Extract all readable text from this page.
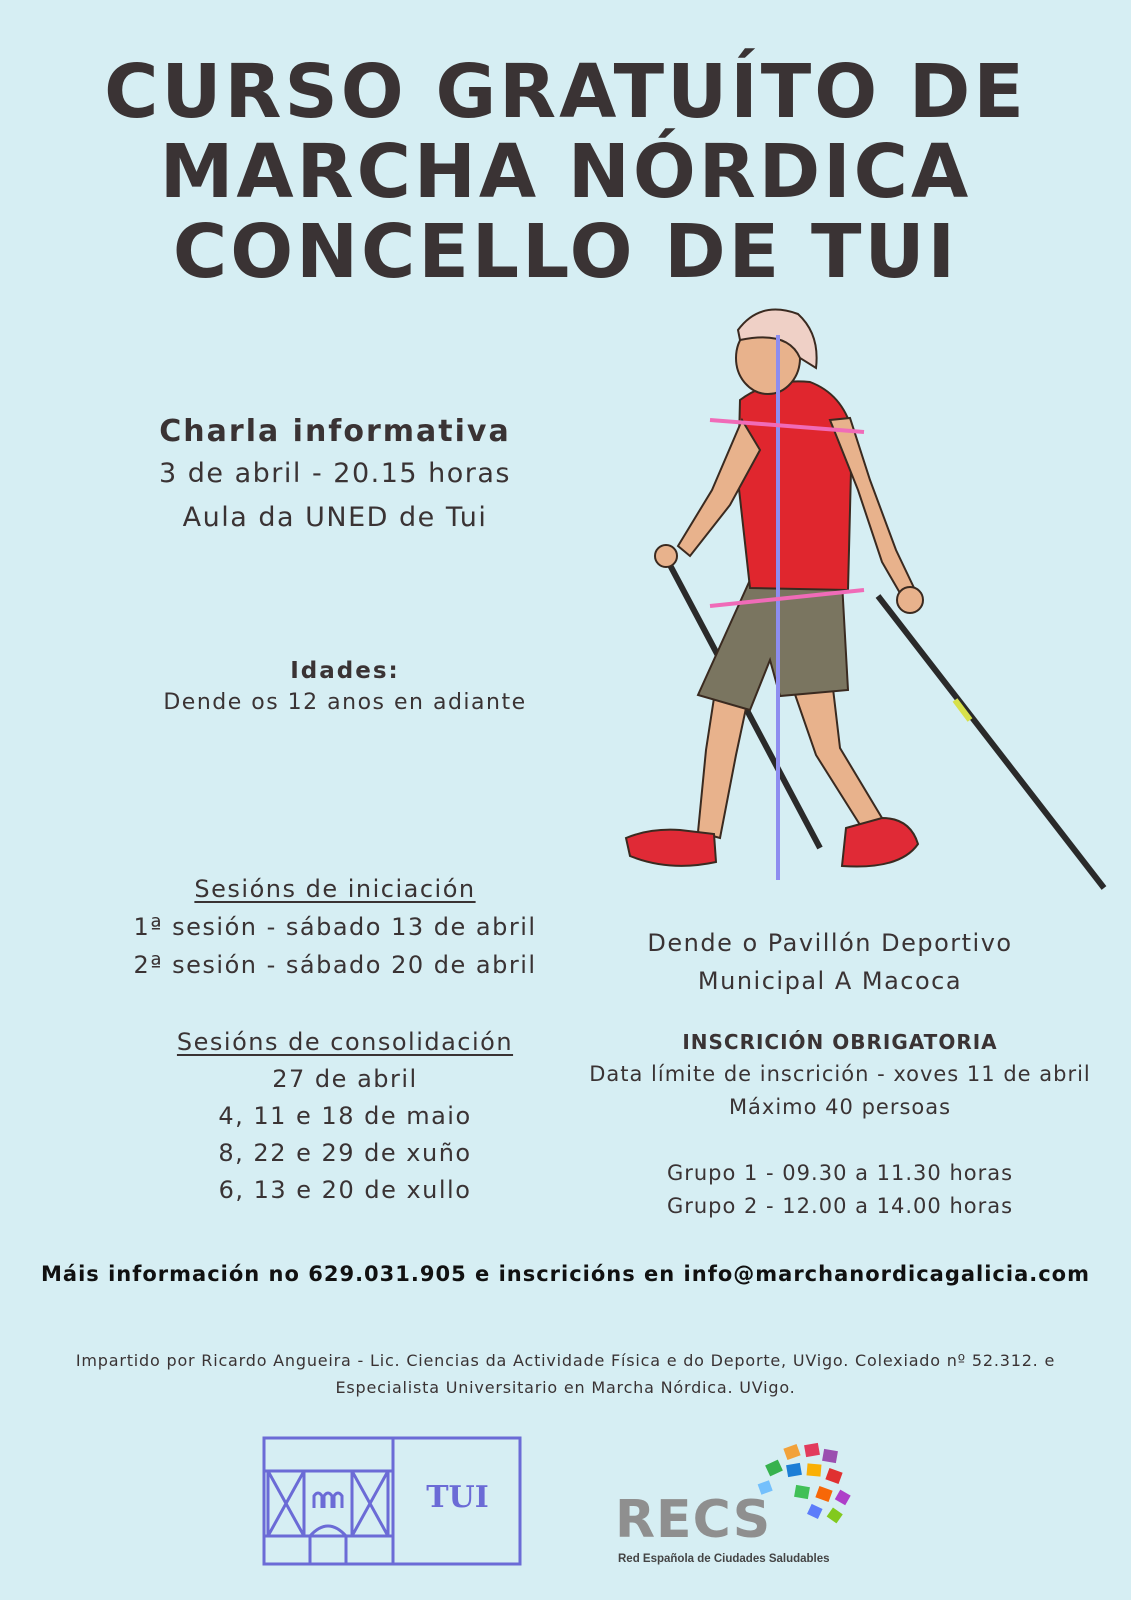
CURSO GRATUÍTO DE
MARCHA NÓRDICA
CONCELLO DE TUI
Charla informativa
3 de abril - 20.15 horas
Aula da UNED de Tui
Idades:
Dende os 12 anos en adiante
Sesións de iniciación
1ª sesión - sábado 13 de abril
2ª sesión - sábado 20 de abril
Sesións de consolidación
27 de abril
4, 11 e 18 de maio
8, 22 e 29 de xuño
6, 13 e 20 de xullo
Dende o Pavillón Deportivo
Municipal A Macoca
INSCRICIÓN OBRIGATORIA
Data límite de inscrición - xoves 11 de abril
Máximo 40 persoas
Grupo 1 - 09.30 a 11.30 horas
Grupo 2 - 12.00 a 14.00 horas
Máis información no 629.031.905 e inscricións en info@marchanordicagalicia.com
Impartido por Ricardo Angueira - Lic. Ciencias da Actividade Física e do Deporte, UVigo. Colexiado nº 52.312. e
Especialista Universitario en Marcha Nórdica. UVigo.
TUI	RECS
Red Española de Ciudades Saludables
